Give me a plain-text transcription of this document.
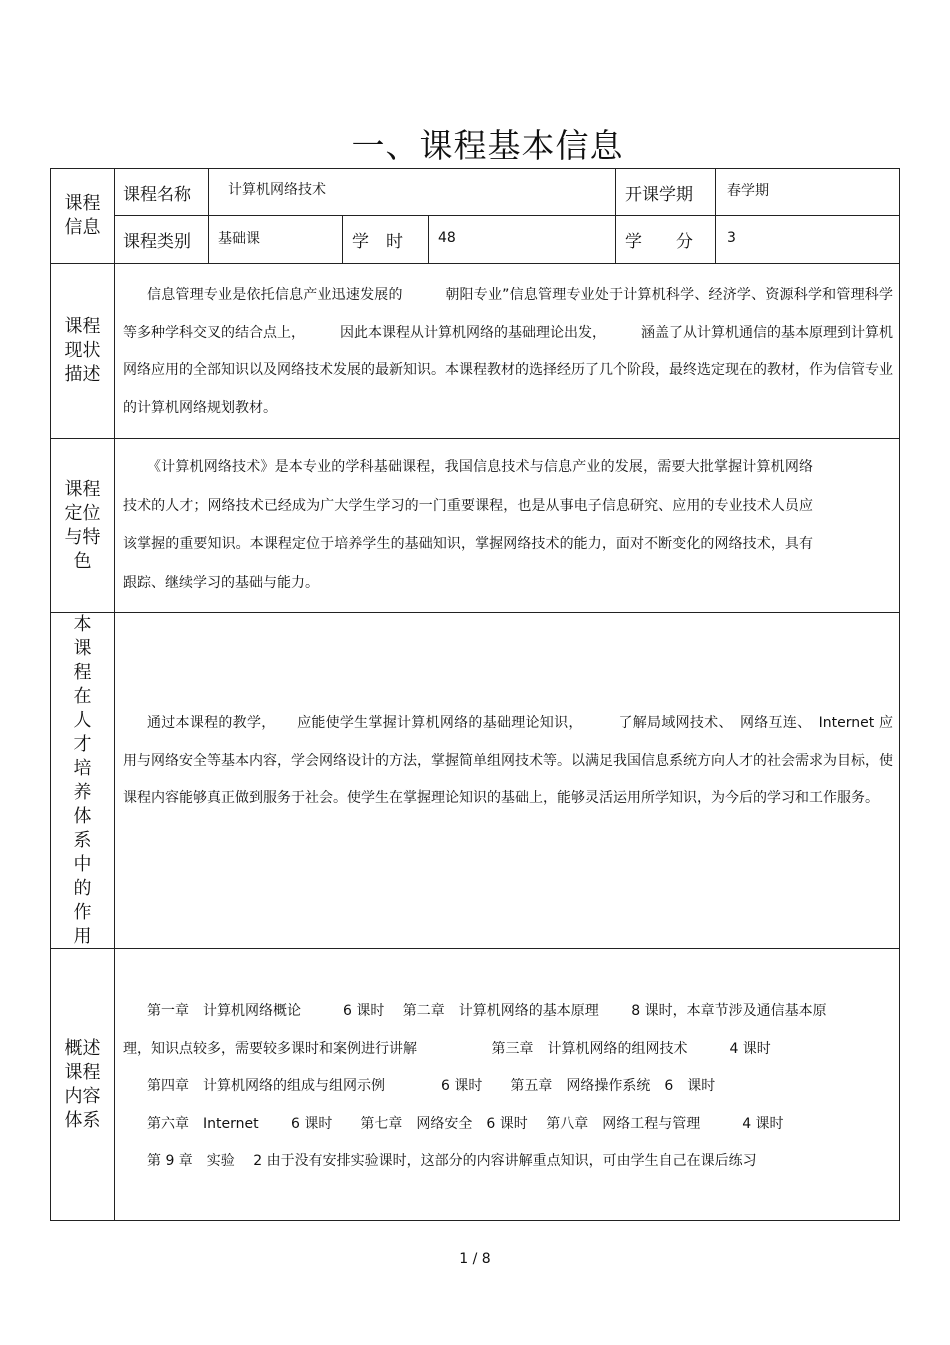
一、课程基本信息
课程信息
课程名称	计算机网络技术	开课学期	春学期
课程类别	基础课	学　时	48	学　　分	3
课程现状描述

信息管理专业是依托信息产业迅速发展的　　　朝阳专业”信息管理专业处于计算机科学、经济学、资源科学和管理科学等多种学科交叉的结合点上，　　　因此本课程从计算机网络的基础理论出发，　　　涵盖了从计算机通信的基本原理到计算机网络应用的全部知识以及网络技术发展的最新知识。本课程教材的选择经历了几个阶段，最终选定现在的教材，作为信管专业的计算机网络规划教材。

课程定位与特色

《计算机网络技术》是本专业的学科基础课程，我国信息技术与信息产业的发展，需要大批掌握计算机网络技术的人才；网络技术已经成为广大学生学习的一门重要课程，也是从事电子信息研究、应用的专业技术人员应该掌握的重要知识。本课程定位于培养学生的基础知识，掌握网络技术的能力，面对不断变化的网络技术，具有跟踪、继续学习的基础与能力。

本课程在人才培养体系中的作用

通过本课程的教学，　　应能使学生掌握计算机网络的基础理论知识，　　　了解局域网技术、　网络互连、　Internet 应用与网络安全等基本内容，学会网络设计的方法，掌握简单组网技术等。以满足我国信息系统方向人才的社会需求为目标，使课程内容能够真正做到服务于社会。使学生在掌握理论知识的基础上，能够灵活运用所学知识，为今后的学习和工作服务。

概述课程内容体系

第一章　计算机网络概论　　　6 课时　 第二章　计算机网络的基本原理　　 8 课时，本章节涉及通信基本原

理，知识点较多，需要较多课时和案例进行讲解　　　　　 第三章　计算机网络的组网技术　　　4 课时

第四章　计算机网络的组成与组网示例　　　　6 课时　　第五章　网络操作系统　6　课时

第六章　Internet　　 6 课时　　第七章　网络安全　6 课时　 第八章　网络工程与管理　　　4 课时

第 9 章　实验　 2 由于没有安排实验课时，这部分的内容讲解重点知识，可由学生自己在课后练习

1 / 8
